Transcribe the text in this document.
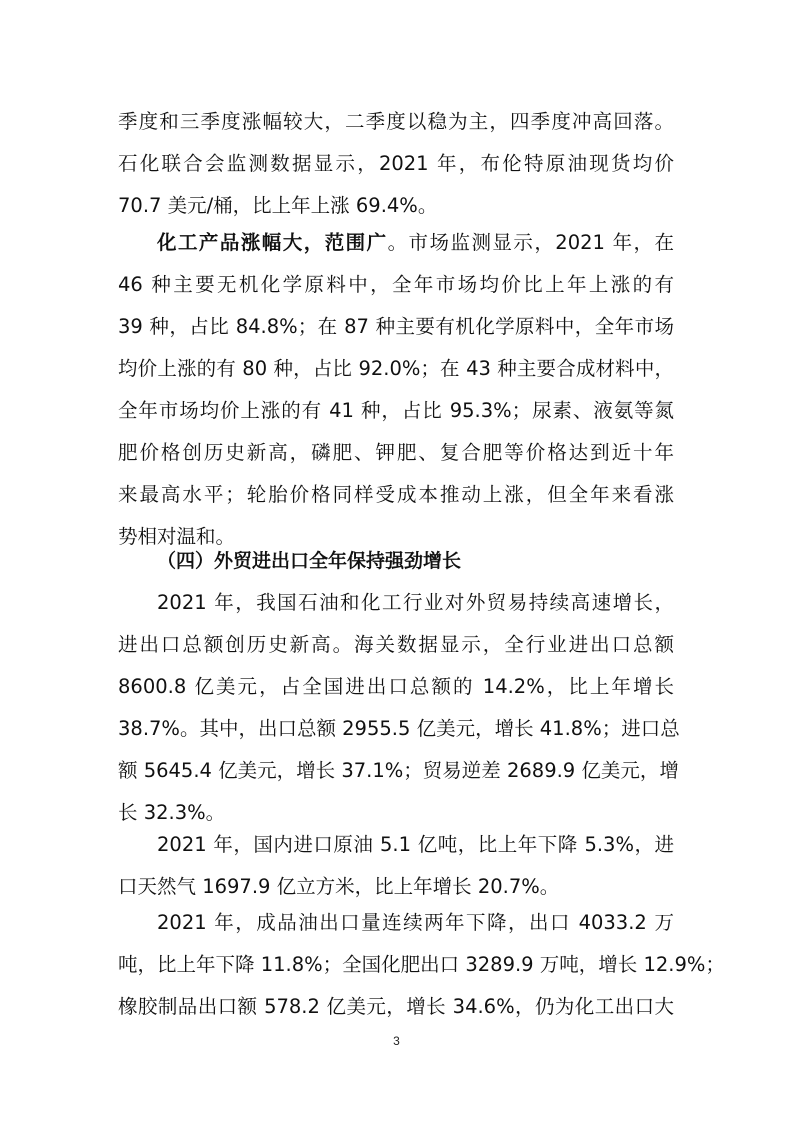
季度和三季度涨幅较大，二季度以稳为主，四季度冲高回落。
石化联合会监测数据显示，2021 年，布伦特原油现货均价
70.7 美元/桶，比上年上涨 69.4%。
化工产品涨幅大，范围广。市场监测显示，2021 年，在
46 种主要无机化学原料中，全年市场均价比上年上涨的有
39 种，占比 84.8%；在 87 种主要有机化学原料中，全年市场
均价上涨的有 80 种，占比 92.0%；在 43 种主要合成材料中，
全年市场均价上涨的有 41 种，占比 95.3%；尿素、液氨等氮
肥价格创历史新高，磷肥、钾肥、复合肥等价格达到近十年
来最高水平；轮胎价格同样受成本推动上涨，但全年来看涨
势相对温和。
（四）外贸进出口全年保持强劲增长
2021 年，我国石油和化工行业对外贸易持续高速增长，
进出口总额创历史新高。海关数据显示，全行业进出口总额
8600.8 亿美元，占全国进出口总额的 14.2%，比上年增长
38.7%。其中，出口总额 2955.5 亿美元，增长 41.8%；进口总
额 5645.4 亿美元，增长 37.1%；贸易逆差 2689.9 亿美元，增
长 32.3%。
2021 年，国内进口原油 5.1 亿吨，比上年下降 5.3%，进
口天然气 1697.9 亿立方米，比上年增长 20.7%。
2021 年，成品油出口量连续两年下降，出口 4033.2 万
吨，比上年下降 11.8%；全国化肥出口 3289.9 万吨，增长 12.9%；
橡胶制品出口额 578.2 亿美元，增长 34.6%，仍为化工出口大
3
